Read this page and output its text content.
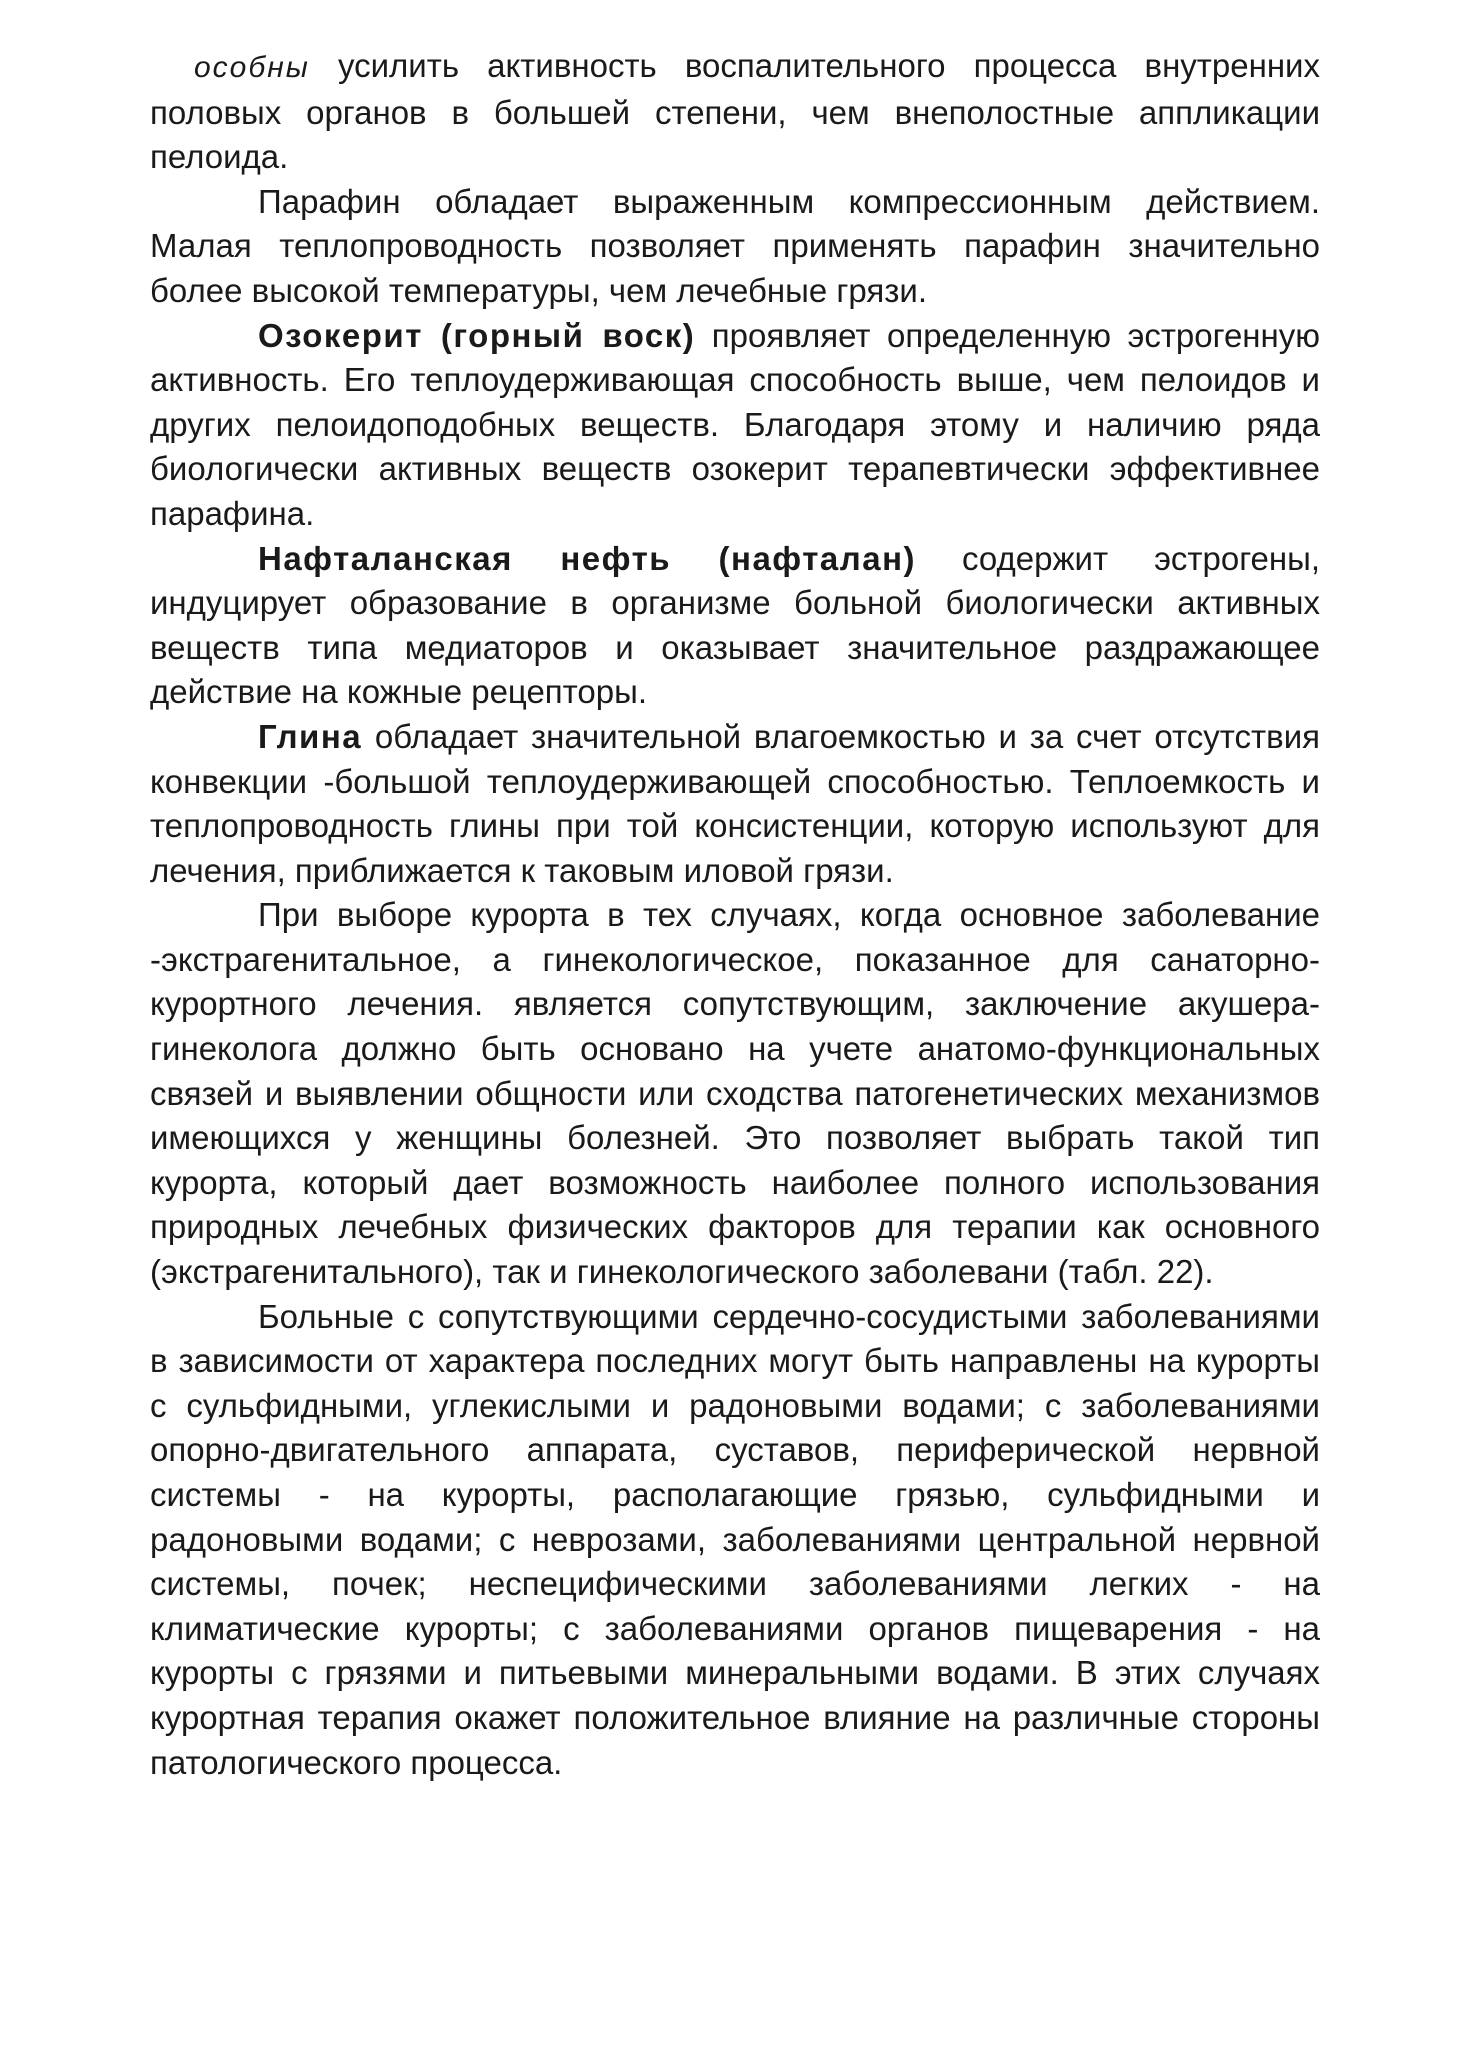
особны усилить активность воспалительного процесса внутренних половых органов в большей степени, чем внеполостные аппликации пелоида.

Парафин обладает выраженным компрессионным действием. Малая теплопроводность позволяет применять парафин значительно более высокой температуры, чем лечебные грязи.

Озокерит (горный воск) проявляет определенную эстрогенную активность. Его теплоудерживающая способность выше, чем пелоидов и других пелоидоподобных веществ. Благодаря этому и наличию ряда биологически активных веществ озокерит терапевтически эффективнее парафина.

Нафталанская нефть (нафталан) содержит эстрогены, индуцирует образование в организме больной биологически активных веществ типа медиаторов и оказывает значительное раздражающее действие на кожные рецепторы.

Глина обладает значительной влагоемкостью и за счет отсутствия конвекции -большой теплоудерживающей способностью. Теплоемкость и теплопроводность глины при той консистенции, которую используют для лечения, приближается к таковым иловой грязи.

При выборе курорта в тех случаях, когда основное заболевание -экстрагенитальное, а гинекологическое, показанное для санаторно-курортного лечения. является сопутствующим, заключение акушера-гинеколога должно быть основано на учете анатомо-функциональных связей и выявлении общности или сходства патогенетических механизмов имеющихся у женщины болезней. Это позволяет выбрать такой тип курорта, который дает возможность наиболее полного использования природных лечебных физических факторов для терапии как основного (экстрагенитального), так и гинекологического заболевани (табл. 22).

Больные с сопутствующими сердечно-сосудистыми заболеваниями в зависимости от характера последних могут быть направлены на курорты с сульфидными, углекислыми и радоновыми водами; с заболеваниями опорно-двигательного аппарата, суставов, периферической нервной системы - на курорты, располагающие грязью, сульфидными и радоновыми водами; с неврозами, заболеваниями центральной нервной системы, почек; неспецифическими заболеваниями легких - на климатические курорты; с заболеваниями органов пищеварения - на курорты с грязями и питьевыми минеральными водами. В этих случаях курортная терапия окажет положительное влияние на различные стороны патологического процесса.
